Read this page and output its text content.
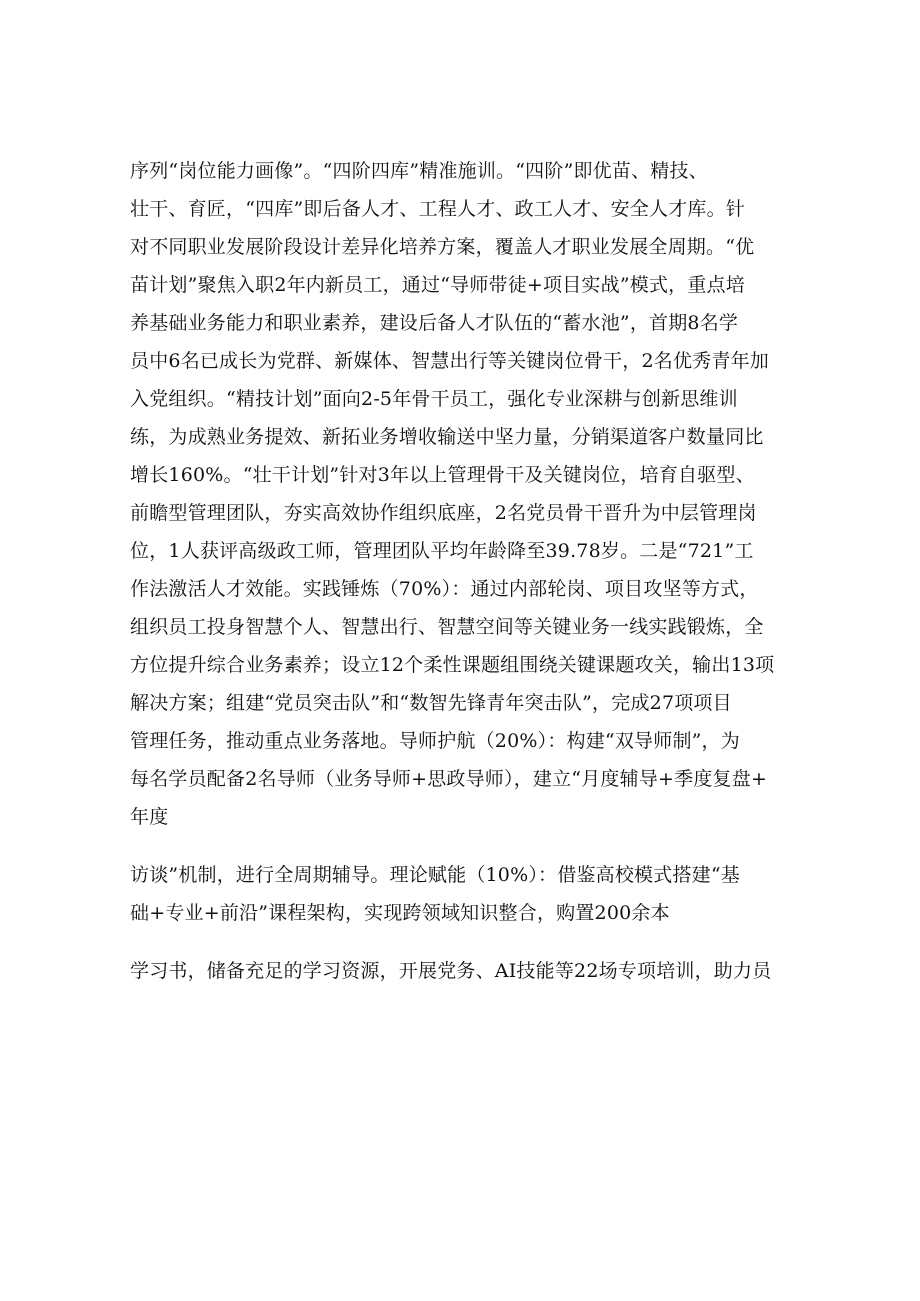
序列“岗位能力画像”。“四阶四库”精准施训。“四阶”即优苗、精技、
壮干、育匠，“四库”即后备人才、工程人才、政工人才、安全人才库。针
对不同职业发展阶段设计差异化培养方案，覆盖人才职业发展全周期。“优
苗计划”聚焦入职2年内新员工，通过“导师带徒+项目实战”模式，重点培
养基础业务能力和职业素养，建设后备人才队伍的“蓄水池”，首期8名学
员中6名已成长为党群、新媒体、智慧出行等关键岗位骨干，2名优秀青年加
入党组织。“精技计划”面向2-5年骨干员工，强化专业深耕与创新思维训
练，为成熟业务提效、新拓业务增收输送中坚力量，分销渠道客户数量同比
增长160%。“壮干计划”针对3年以上管理骨干及关键岗位，培育自驱型、
前瞻型管理团队，夯实高效协作组织底座，2名党员骨干晋升为中层管理岗
位，1人获评高级政工师，管理团队平均年龄降至39.78岁。二是“721”工
作法激活人才效能。实践锤炼（70%）：通过内部轮岗、项目攻坚等方式，
组织员工投身智慧个人、智慧出行、智慧空间等关键业务一线实践锻炼，全
方位提升综合业务素养；设立12个柔性课题组围绕关键课题攻关，输出13项
解决方案；组建“党员突击队”和“数智先锋青年突击队”，完成27项项目
管理任务，推动重点业务落地。导师护航（20%）：构建“双导师制”，为
每名学员配备2名导师（业务导师+思政导师），建立“月度辅导+季度复盘+
年度
访谈”机制，进行全周期辅导。理论赋能（10%）：借鉴高校模式搭建“基
础+专业+前沿”课程架构，实现跨领域知识整合，购置200余本
学习书，储备充足的学习资源，开展党务、AI技能等22场专项培训，助力员
